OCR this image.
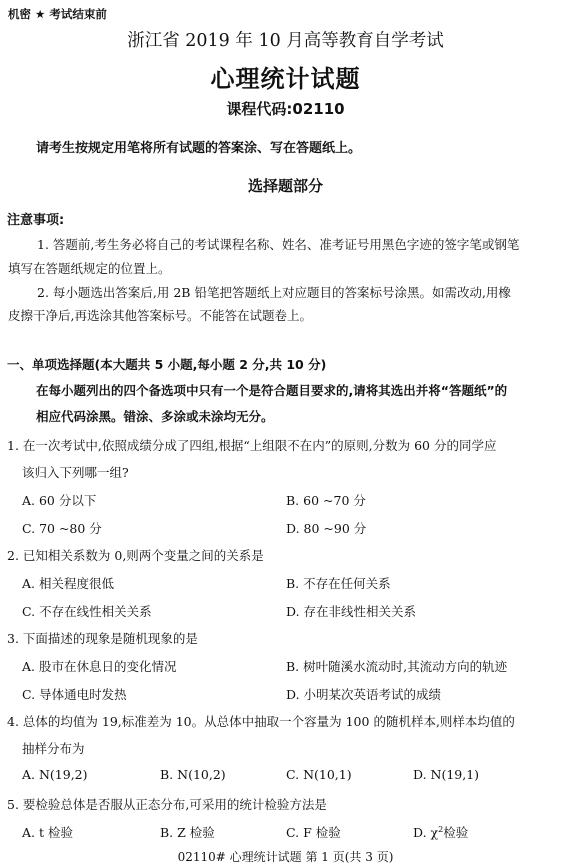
机密 ★ 考试结束前
浙江省 2019 年 10 月高等教育自学考试
心理统计试题
课程代码:02110
请考生按规定用笔将所有试题的答案涂、写在答题纸上。
选择题部分
注意事项:
1. 答题前,考生务必将自己的考试课程名称、姓名、准考证号用黑色字迹的签字笔或钢笔
填写在答题纸规定的位置上。
2. 每小题选出答案后,用 2B 铅笔把答题纸上对应题目的答案标号涂黑。如需改动,用橡
皮擦干净后,再选涂其他答案标号。不能答在试题卷上。
一、单项选择题(本大题共 5 小题,每小题 2 分,共 10 分)
在每小题列出的四个备选项中只有一个是符合题目要求的,请将其选出并将“答题纸”的
相应代码涂黑。错涂、多涂或未涂均无分。
1. 在一次考试中,依照成绩分成了四组,根据“上组限不在内”的原则,分数为 60 分的同学应
该归入下列哪一组?
A. 60 分以下	B. 60 ~70 分
C. 70 ~80 分	D. 80 ~90 分
2. 已知相关系数为 0,则两个变量之间的关系是
A. 相关程度很低	B. 不存在任何关系
C. 不存在线性相关关系	D. 存在非线性相关关系
3. 下面描述的现象是随机现象的是
A. 股市在休息日的变化情况	B. 树叶随溪水流动时,其流动方向的轨迹
C. 导体通电时发热	D. 小明某次英语考试的成绩
4. 总体的均值为 19,标准差为 10。从总体中抽取一个容量为 100 的随机样本,则样本均值的
抽样分布为
A. N(19,2)	B. N(10,2)	C. N(10,1)	D. N(19,1)
5. 要检验总体是否服从正态分布,可采用的统计检验方法是
A. t 检验	B. Z 检验	C. F 检验	D. $\chi^2$检验
02110# 心理统计试题 第 1 页(共 3 页)
